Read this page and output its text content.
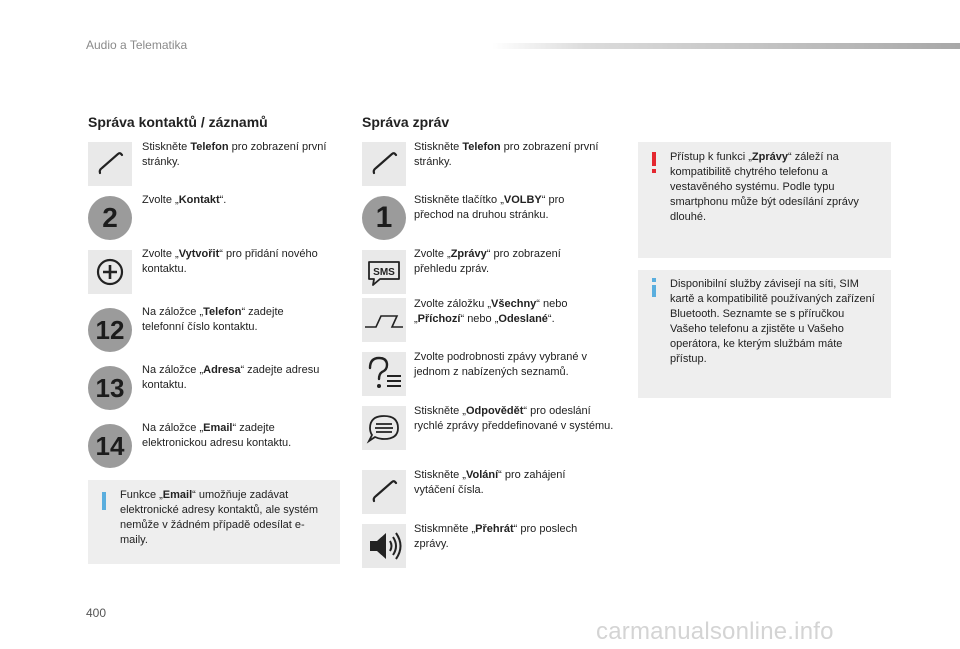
Audio a Telematika
Správa kontaktů / záznamů
Stiskněte Telefon pro zobrazení první stránky.
2
Zvolte „Kontakt“.
Zvolte „Vytvořit“ pro přidání nového kontaktu.
12
Na záložce „Telefon“ zadejte telefonní číslo kontaktu.
13
Na záložce „Adresa“ zadejte adresu kontaktu.
14
Na záložce „Email“ zadejte elektronickou adresu kontaktu.
Funkce „Email“ umožňuje zadávat elektronické adresy kontaktů, ale systém nemůže v žádném případě odesílat e-maily.
Správa zpráv
Stiskněte Telefon pro zobrazení první stránky.
1
Stiskněte tlačítko „VOLBY“ pro přechod na druhou stránku.
SMS
Zvolte „Zprávy“ pro zobrazení přehledu zpráv.
Zvolte záložku „Všechny“ nebo „Příchozí“ nebo „Odeslané“.
Zvolte podrobnosti zpávy vybrané v jednom z nabízených seznamů.
Stiskněte „Odpovědět“ pro odeslání rychlé zprávy předdefinované v systému.
Stiskněte „Volání“ pro zahájení vytáčení čísla.
Stiskmněte „Přehrát“ pro poslech zprávy.
Přístup k funkci „Zprávy“ záleží na kompatibilitě chytrého telefonu a vestavěného systému. Podle typu smartphonu může být odesílání zprávy dlouhé.
Disponibilní služby závisejí na síti, SIM kartě a kompatibilitě používaných zařízení Bluetooth. Seznamte se s příručkou Vašeho telefonu a zjistěte u Vašeho operátora, ke kterým službám máte přístup.
400
carmanualsonline.info
